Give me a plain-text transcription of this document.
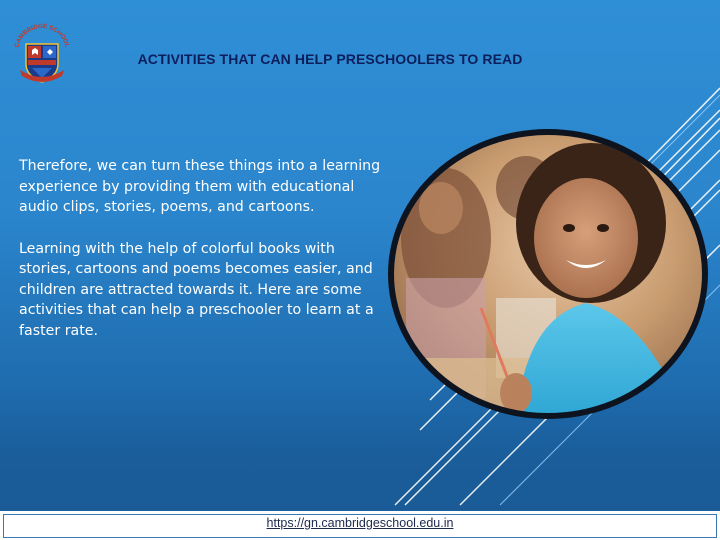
CAMBRIDGE SCHOOL
ACTIVITIES THAT CAN HELP PRESCHOOLERS TO READ

Therefore, we can turn these things into a learning experience by providing them with educational audio clips, stories, poems, and cartoons.

Learning with the help of colorful books with stories, cartoons and poems becomes easier, and children are attracted towards it. Here are some activities that can help a preschooler to learn at a faster rate.

https://gn.cambridgeschool.edu.in
